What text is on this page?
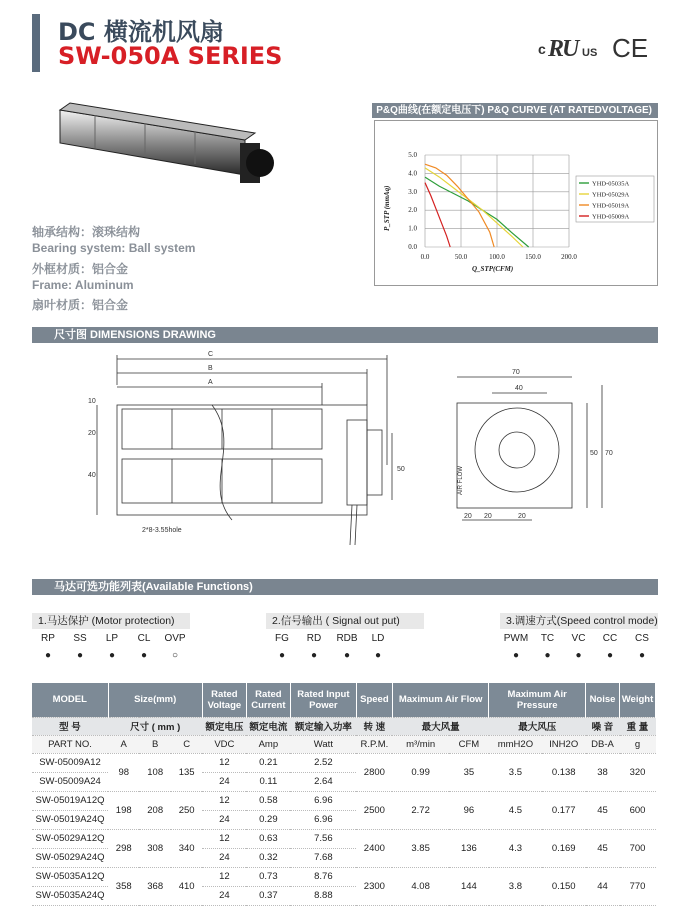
DC 横流机风扇
SW-050A SERIES	c R
U US CE
轴承结构：滚珠结构
Bearing system: Ball system
外框材质：铝合金
Frame: Aluminum
扇叶材质：铝合金
P&Q曲线(在额定电压下) P&Q CURVE (AT RATEDVOLTAGE)
0.0	50.0	100.0	150.0	200.0
0.0
1.0
2.0
3.0
4.0
5.0
Q_STP(CFM)
P_STP (mmAq)
YHD-05035A
YHD-05029A
YHD-05019A
YHD-05009A
尺寸图 DIMENSIONS DRAWING
C
B
A
10
20
40
2*8-3.55hole
50
70
40
50 70
20 20	20
AIR FLOW
马达可选功能列表(Available Functions)
1.马达保护 (Motor protection)
RP	SS	LP	CL	OVP
●	●	●	●	○
2.信号输出 ( Signal out put)
FG	RD	RDB	LD
●	●	●	●
3.调速方式(Speed control mode)
PWM	TC	VC	CC	CS
●	●	●	●	●
MODEL	Size(mm)			Rated Voltage	Rated Current	Rated Input Power	Speed	Maximum Air Flow		Maximum Air Pressure		Noise	Weight
型 号	尺寸 ( mm )			额定电压	额定电流	额定输入功率	转 速	最大风量		最大风压		噪 音	重 量
PART NO.	A	B	C	VDC	Amp	Watt	R.P.M.	m³/min	CFM	mmH2O	INH2O	DB-A	g
SW-05009A12	98	108	135	12	0.21	2.52	2800	0.99	35	3.5	0.138	38	320
SW-05009A24				24	0.11	2.64							
SW-05019A12Q	198	208	250	12	0.58	6.96	2500	2.72	96	4.5	0.177	45	600
SW-05019A24Q				24	0.29	6.96							
SW-05029A12Q	298	308	340	12	0.63	7.56	2400	3.85	136	4.3	0.169	45	700
SW-05029A24Q				24	0.32	7.68							
SW-05035A12Q	358	368	410	12	0.73	8.76	2300	4.08	144	3.8	0.150	44	770
SW-05035A24Q				24	0.37	8.88							
